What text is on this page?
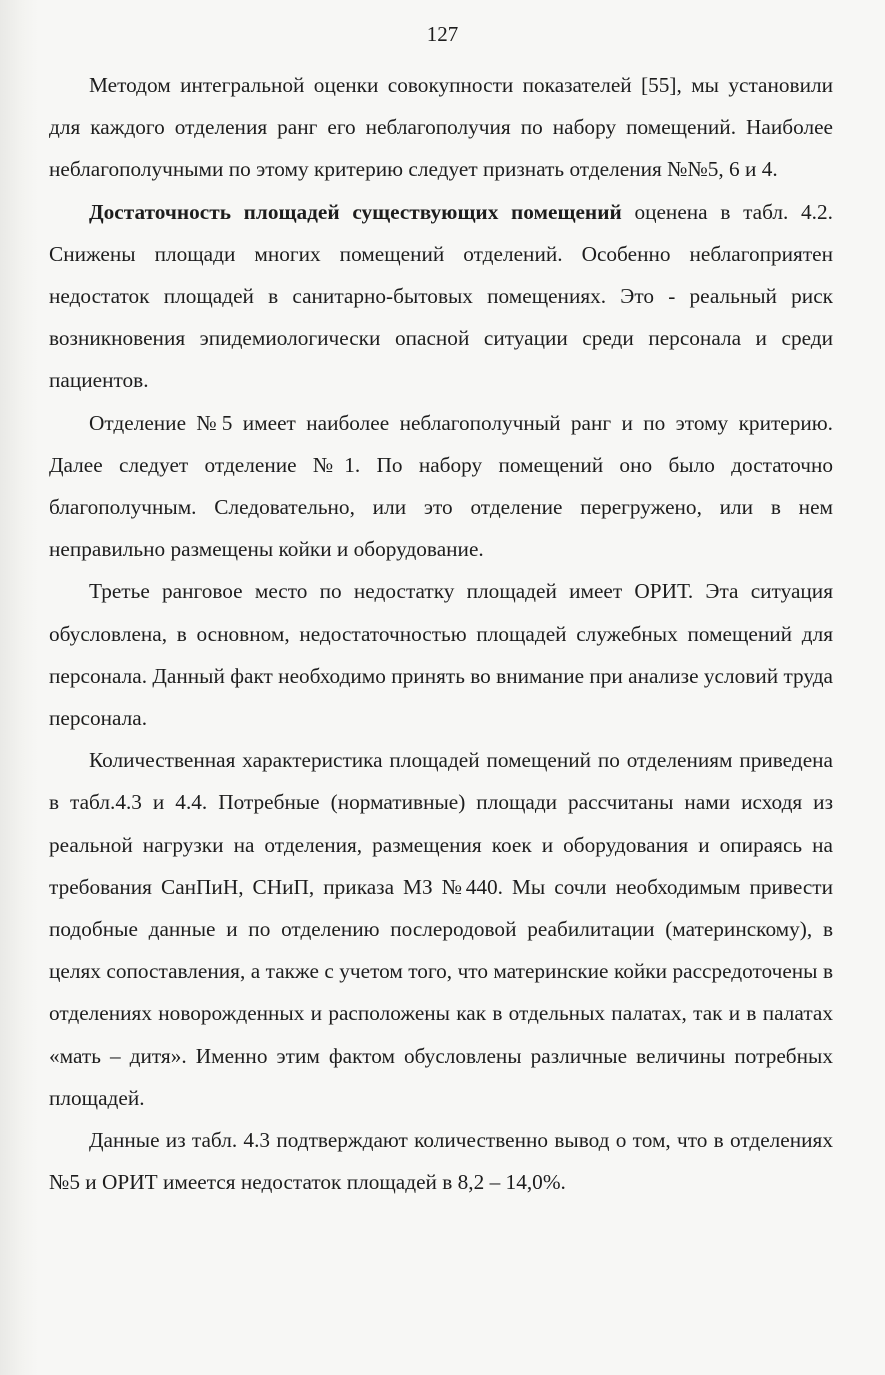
127

Методом интегральной оценки совокупности показателей [55], мы установили для каждого отделения ранг его неблагополучия по набору помещений. Наиболее неблагополучными по этому критерию следует признать отделения №№5, 6 и 4.

Достаточность площадей существующих помещений оценена в табл. 4.2. Снижены площади многих помещений отделений. Особенно неблагоприятен недостаток площадей в санитарно-бытовых помещениях. Это - реальный риск возникновения эпидемиологически опасной ситуации среди персонала и среди пациентов.

Отделение №5 имеет наиболее неблагополучный ранг и по этому критерию. Далее следует отделение №1. По набору помещений оно было достаточно благополучным. Следовательно, или это отделение перегружено, или в нем неправильно размещены койки и оборудование.

Третье ранговое место по недостатку площадей имеет ОРИТ. Эта ситуация обусловлена, в основном, недостаточностью площадей служебных помещений для персонала. Данный факт необходимо принять во внимание при анализе условий труда персонала.

Количественная характеристика площадей помещений по отделениям приведена в табл.4.3 и 4.4. Потребные (нормативные) площади рассчитаны нами исходя из реальной нагрузки на отделения, размещения коек и оборудования и опираясь на требования СанПиН, СНиП, приказа МЗ №440. Мы сочли необходимым привести подобные данные и по отделению послеродовой реабилитации (материнскому), в целях сопоставления, а также с учетом того, что материнские койки рассредоточены в отделениях новорожденных и расположены как в отдельных палатах, так и в палатах «мать – дитя». Именно этим фактом обусловлены различные величины потребных площадей.

Данные из табл. 4.3 подтверждают количественно вывод о том, что в отделениях №5 и ОРИТ имеется недостаток площадей в 8,2 – 14,0%.
